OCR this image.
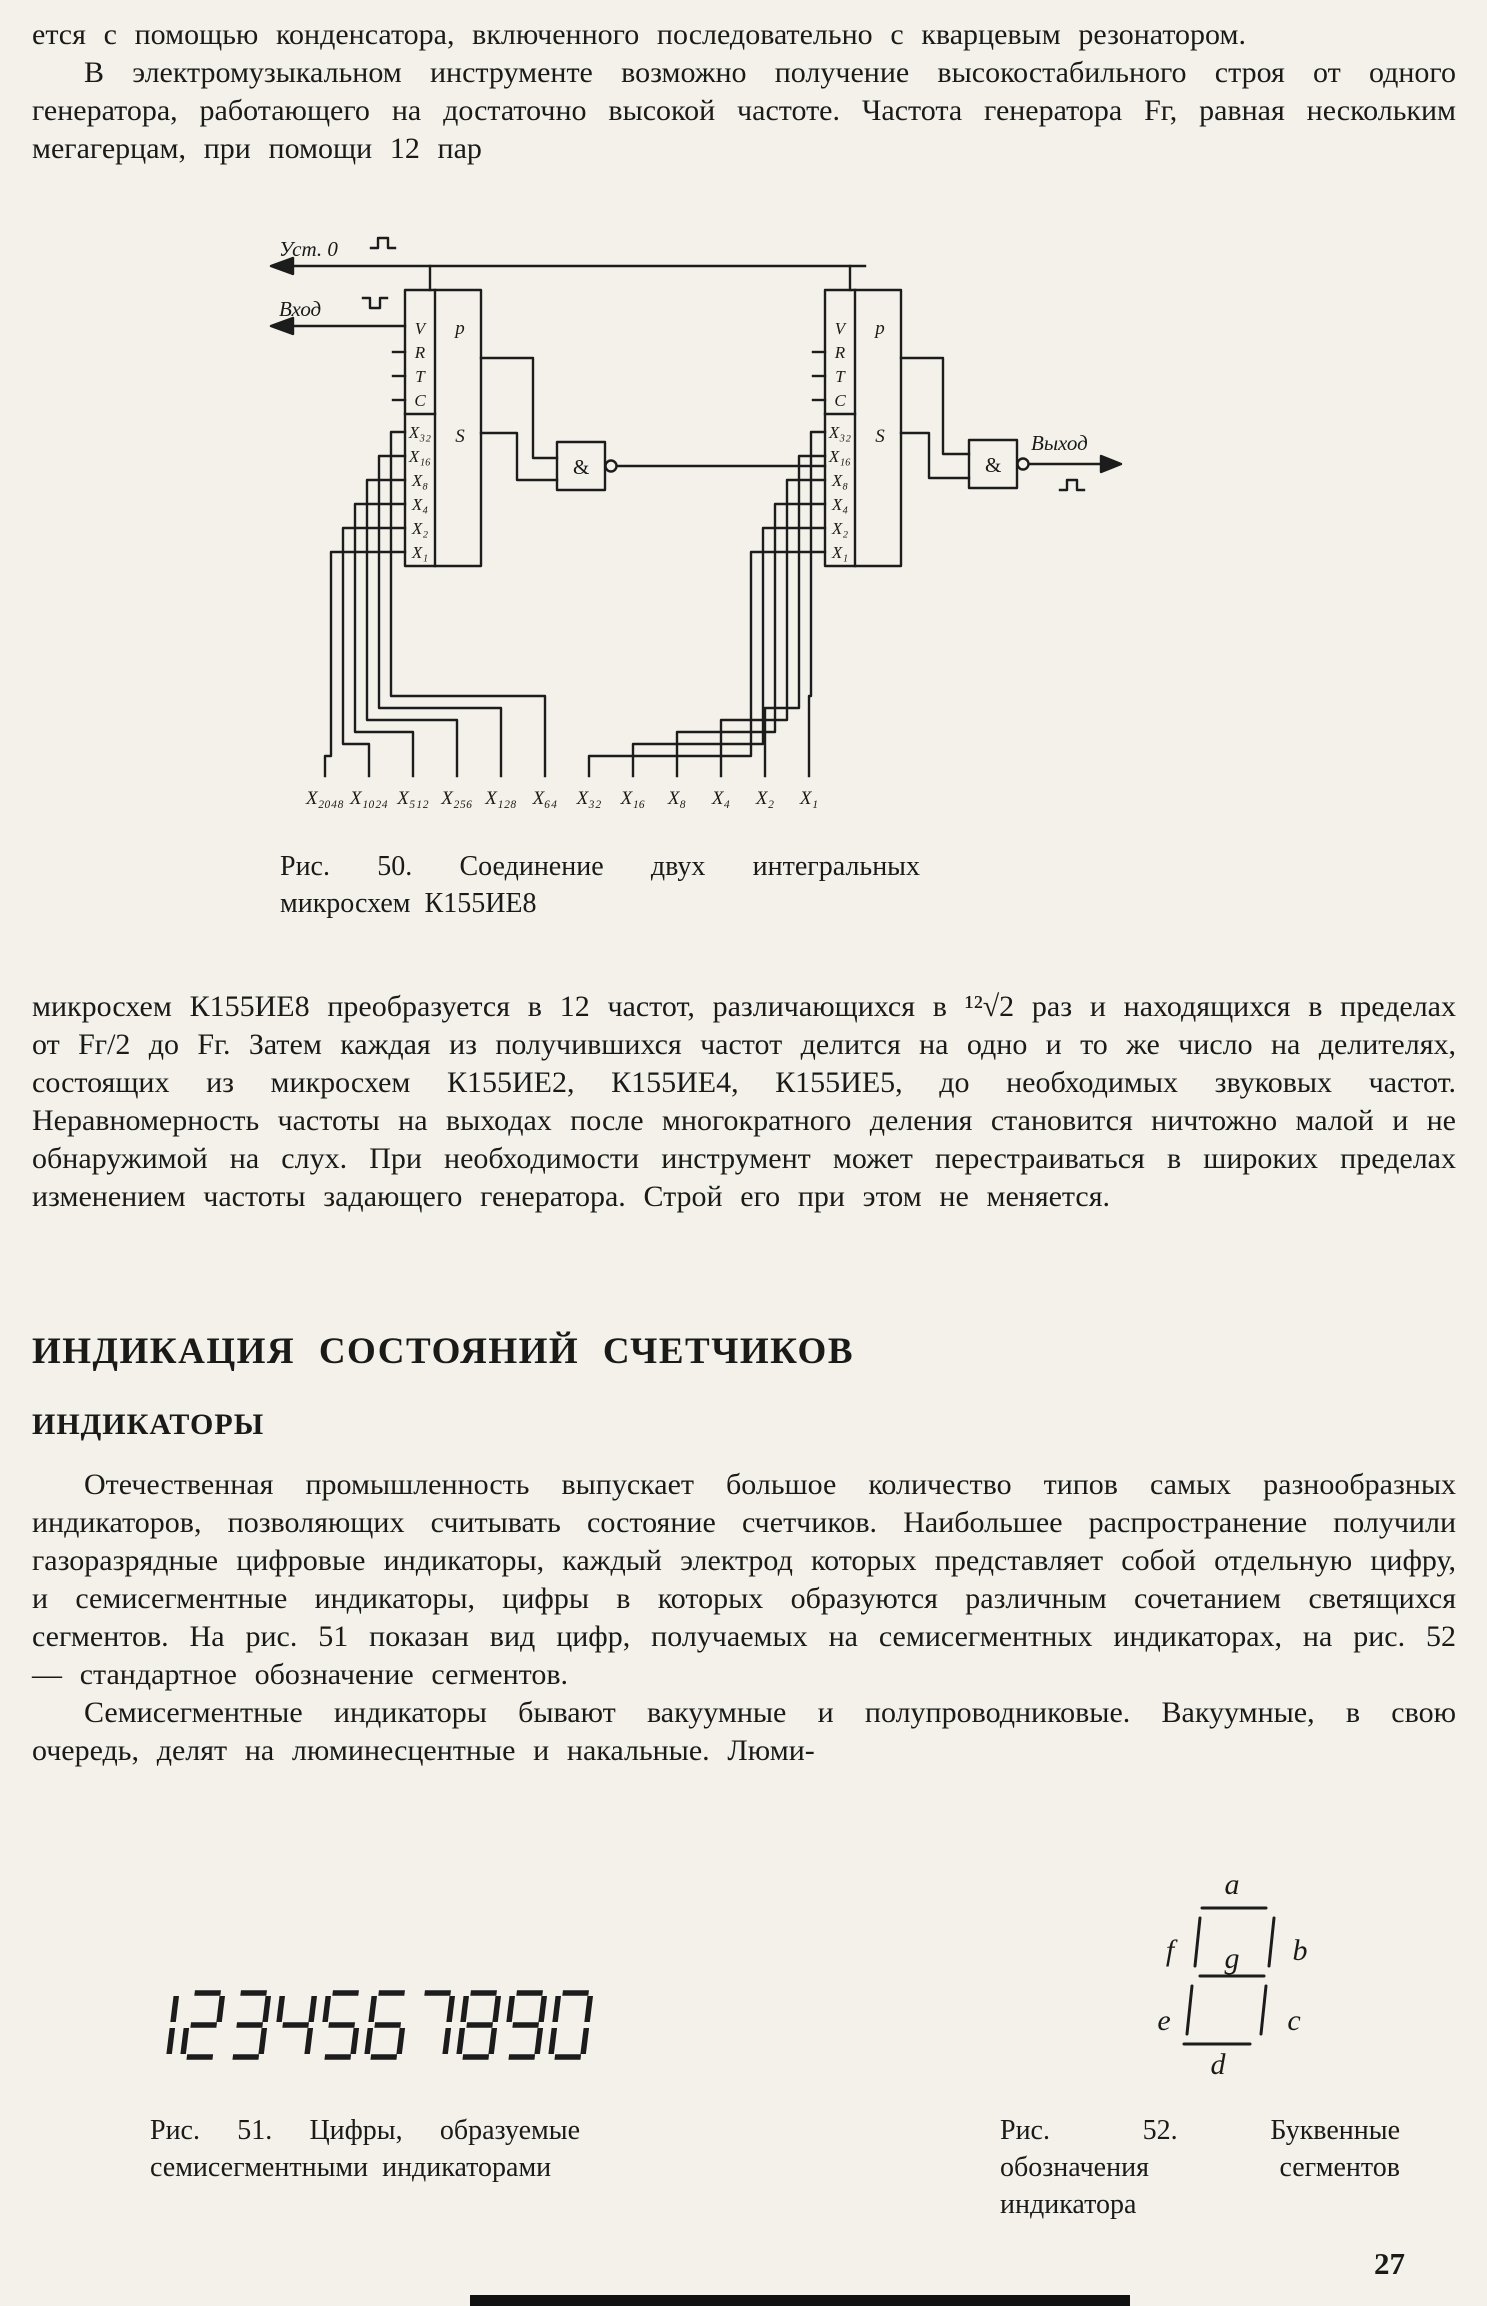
ется с помощью конденсатора, включенного последовательно с кварцевым резонатором.

В электромузыкальном инструменте возможно получение высокостабильного строя от одного генератора, работающего на достаточно высокой частоте. Частота генератора Fг, равная нескольким мегагерцам, при помощи 12 пар

Уст. 0
Вход
Выход
&	&
V
R
T
C
X₃₂
X₁₆
X₈
X₄
X₂
X₁
p
S
V
R
T
C
X₃₂
X₁₆
X₈
X₄
X₂
X₁
p
S
Х₂₀₄₈ Х₁₀₂₄ Х₅₁₂ Х₂₅₆ Х₁₂₈ Х₆₄ Х₃₂ Х₁₆ Х₈ Х₄ Х₂ Х₁
Рис. 50. Соединение двух интегральных микросхем К155ИЕ8

микросхем К155ИЕ8 преобразуется в 12 частот, различающихся в ¹²√2 раз и находящихся в пределах от Fг/2 до Fг. Затем каждая из получившихся частот делится на одно и то же число на делителях, состоящих из микросхем К155ИЕ2, К155ИЕ4, К155ИЕ5, до необходимых звуковых частот. Неравномерность частоты на выходах после многократного деления становится ничтожно малой и не обнаружимой на слух. При необходимости инструмент может перестраиваться в широких пределах изменением частоты задающего генератора. Строй его при этом не меняется.

ИНДИКАЦИЯ СОСТОЯНИЙ СЧЕТЧИКОВ
ИНДИКАТОРЫ

Отечественная промышленность выпускает большое количество типов самых разнообразных индикаторов, позволяющих считывать состояние счетчиков. Наибольшее распространение получили газоразрядные цифровые индикаторы, каждый электрод которых представляет собой отдельную цифру, и семисегментные индикаторы, цифры в которых образуются различным сочетанием светящихся сегментов. На рис. 51 показан вид цифр, получаемых на семисегментных индикаторах, на рис. 52 — стандартное обозначение сегментов.

Семисегментные индикаторы бывают вакуумные и полупроводниковые. Вакуумные, в свою очередь, делят на люминесцентные и накальные. Люми-

a
b
c
d
e
f g
Рис. 51. Цифры, образуемые семисегментными индикаторами
Рис. 52. Буквенные обозначения сегментов индикатора
27
